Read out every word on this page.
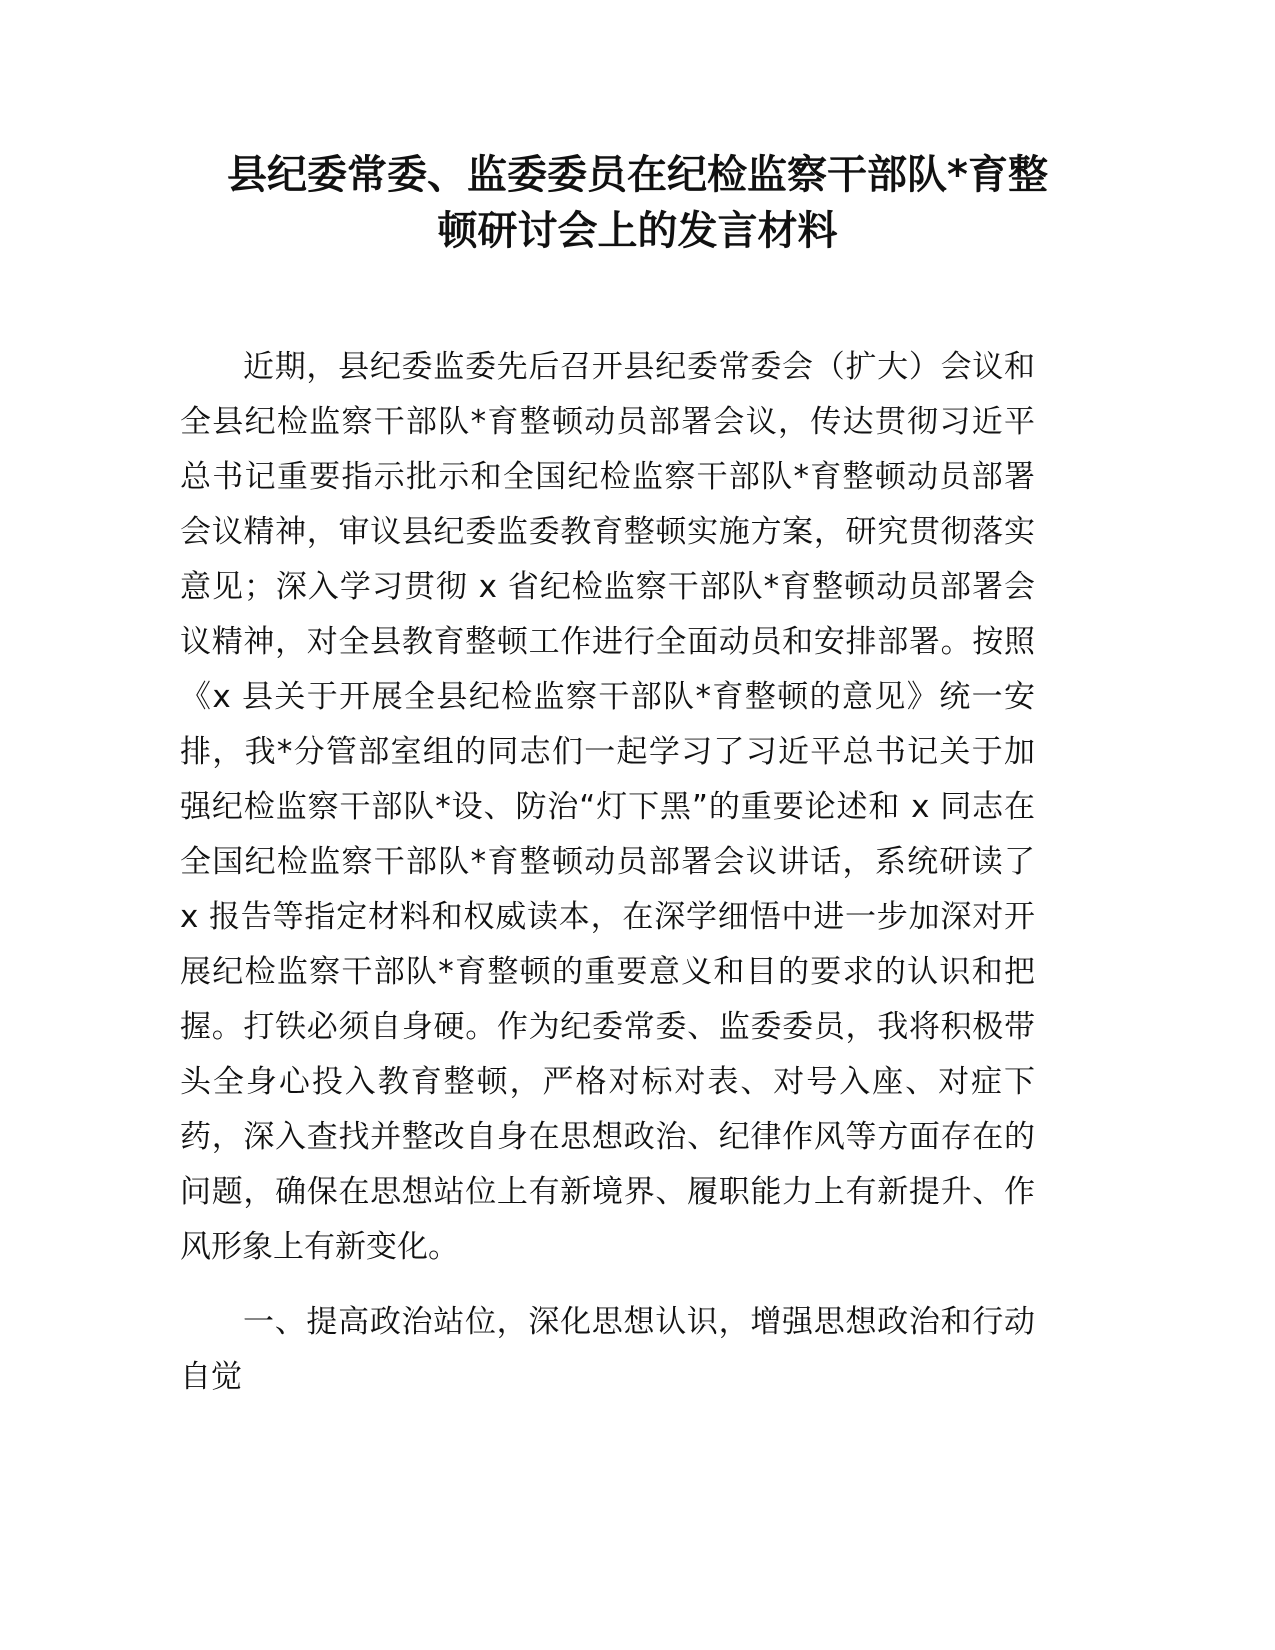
县纪委常委、监委委员在纪检监察干部队*育整
顿研讨会上的发言材料
近期，县纪委监委先后召开县纪委常委会（扩大）会议和
全县纪检监察干部队*育整顿动员部署会议，传达贯彻习近平
总书记重要指示批示和全国纪检监察干部队*育整顿动员部署
会议精神，审议县纪委监委教育整顿实施方案，研究贯彻落实
意见；深入学习贯彻 x 省纪检监察干部队*育整顿动员部署会
议精神，对全县教育整顿工作进行全面动员和安排部署。按照
《x 县关于开展全县纪检监察干部队*育整顿的意见》统一安
排，我*分管部室组的同志们一起学习了习近平总书记关于加
强纪检监察干部队*设、防治“灯下黑”的重要论述和 x 同志在
全国纪检监察干部队*育整顿动员部署会议讲话，系统研读了
x 报告等指定材料和权威读本，在深学细悟中进一步加深对开
展纪检监察干部队*育整顿的重要意义和目的要求的认识和把
握。打铁必须自身硬。作为纪委常委、监委委员，我将积极带
头全身心投入教育整顿，严格对标对表、对号入座、对症下
药，深入查找并整改自身在思想政治、纪律作风等方面存在的
问题，确保在思想站位上有新境界、履职能力上有新提升、作
风形象上有新变化。
一、提高政治站位，深化思想认识，增强思想政治和行动
自觉
